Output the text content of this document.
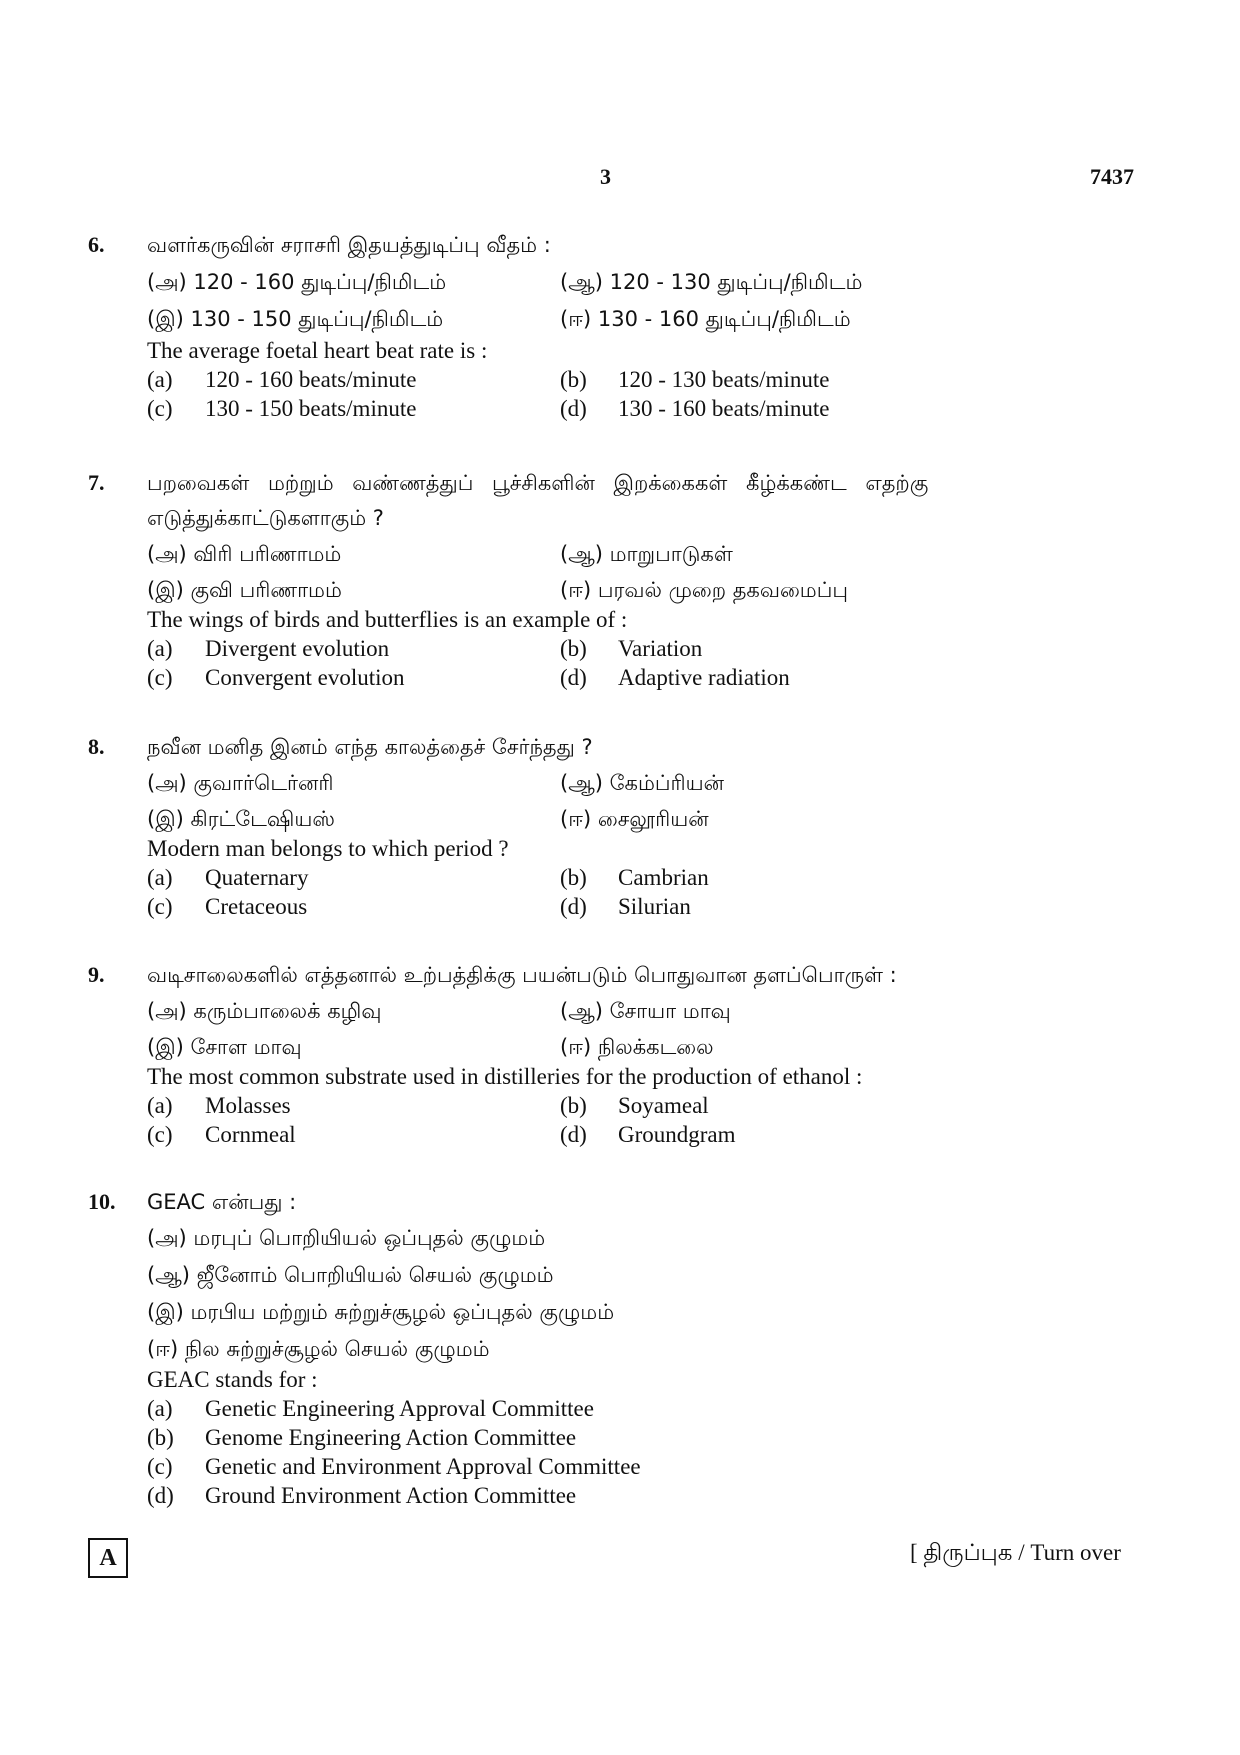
3	7437
6. வளர்கருவின் சராசரி இதயத்துடிப்பு வீதம் :
(அ) 120 - 160 துடிப்பு/நிமிடம்	(ஆ) 120 - 130 துடிப்பு/நிமிடம்
(இ) 130 - 150 துடிப்பு/நிமிடம்	(ஈ) 130 - 160 துடிப்பு/நிமிடம்
The average foetal heart beat rate is :
(a) 120 - 160 beats/minute	(b) 120 - 130 beats/minute
(c) 130 - 150 beats/minute	(d) 130 - 160 beats/minute
7. பறவைகள் மற்றும் வண்ணத்துப் பூச்சிகளின் இறக்கைகள் கீழ்க்கண்ட எதற்கு
எடுத்துக்காட்டுகளாகும் ?
(அ) விரி பரிணாமம்	(ஆ) மாறுபாடுகள்
(இ) குவி பரிணாமம்	(ஈ) பரவல் முறை தகவமைப்பு
The wings of birds and butterflies is an example of :
(a) Divergent evolution	(b) Variation
(c) Convergent evolution	(d) Adaptive radiation
8. நவீன மனித இனம் எந்த காலத்தைச் சேர்ந்தது ?
(அ) குவார்டெர்னரி	(ஆ) கேம்ப்ரியன்
(இ) கிரட்டேஷியஸ்	(ஈ) சைலூரியன்
Modern man belongs to which period ?
(a) Quaternary	(b) Cambrian
(c) Cretaceous	(d) Silurian
9. வடிசாலைகளில் எத்தனால் உற்பத்திக்கு பயன்படும் பொதுவான தளப்பொருள் :
(அ) கரும்பாலைக் கழிவு	(ஆ) சோயா மாவு
(இ) சோள மாவு	(ஈ) நிலக்கடலை
The most common substrate used in distilleries for the production of ethanol :
(a) Molasses	(b) Soyameal
(c) Cornmeal	(d) Groundgram
10. GEAC என்பது :
(அ) மரபுப் பொறியியல் ஒப்புதல் குழுமம்
(ஆ) ஜீனோம் பொறியியல் செயல் குழுமம்
(இ) மரபிய மற்றும் சுற்றுச்சூழல் ஒப்புதல் குழுமம்
(ஈ) நில சுற்றுச்சூழல் செயல் குழுமம்
GEAC stands for :
(a) Genetic Engineering Approval Committee
(b) Genome Engineering Action Committee
(c) Genetic and Environment Approval Committee
(d) Ground Environment Action Committee
A	[ திருப்புக / Turn over
